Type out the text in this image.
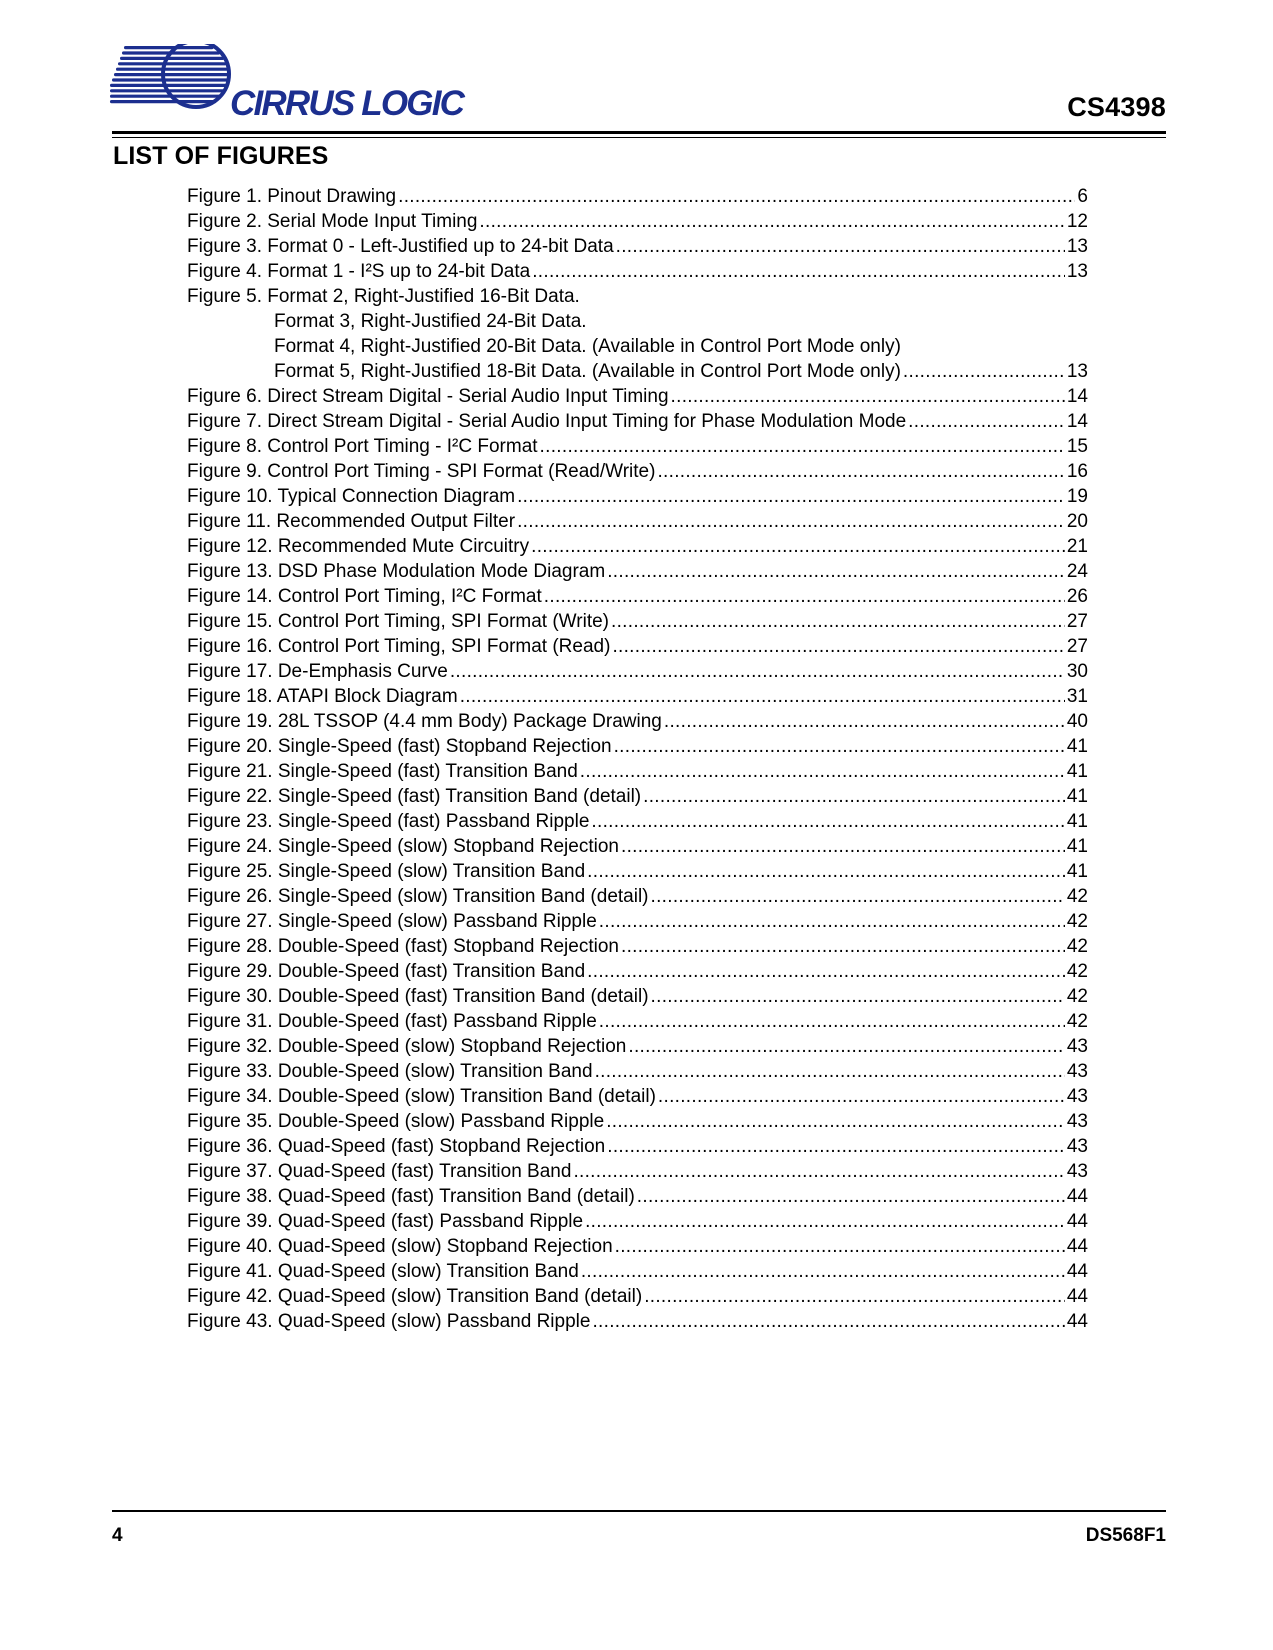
CIRRUS LOGIC	CS4398
LIST OF FIGURES
Figure 1. Pinout Drawing .....	6
Figure 2. Serial Mode Input Timing .....	12
Figure 3. Format 0 - Left-Justified up to 24-bit Data .....	13
Figure 4. Format 1 - I²S up to 24-bit Data .....	13
Figure 5. Format 2, Right-Justified 16-Bit Data.
Format 3, Right-Justified 24-Bit Data.
Format 4, Right-Justified 20-Bit Data. (Available in Control Port Mode only)
Format 5, Right-Justified 18-Bit Data. (Available in Control Port Mode only) .....	13
Figure 6. Direct Stream Digital - Serial Audio Input Timing .....	14
Figure 7. Direct Stream Digital - Serial Audio Input Timing for Phase Modulation Mode .....	14
Figure 8. Control Port Timing - I²C Format .....	15
Figure 9. Control Port Timing - SPI Format (Read/Write) .....	16
Figure 10. Typical Connection Diagram .....	19
Figure 11. Recommended Output Filter .....	20
Figure 12. Recommended Mute Circuitry .....	21
Figure 13. DSD Phase Modulation Mode Diagram .....	24
Figure 14. Control Port Timing, I²C Format .....	26
Figure 15. Control Port Timing, SPI Format (Write) .....	27
Figure 16. Control Port Timing, SPI Format (Read) .....	27
Figure 17. De-Emphasis Curve .....	30
Figure 18. ATAPI Block Diagram .....	31
Figure 19. 28L TSSOP (4.4 mm Body) Package Drawing .....	40
Figure 20. Single-Speed (fast) Stopband Rejection .....	41
Figure 21. Single-Speed (fast) Transition Band .....	41
Figure 22. Single-Speed (fast) Transition Band (detail) .....	41
Figure 23. Single-Speed (fast) Passband Ripple .....	41
Figure 24. Single-Speed (slow) Stopband Rejection .....	41
Figure 25. Single-Speed (slow) Transition Band .....	41
Figure 26. Single-Speed (slow) Transition Band (detail) .....	42
Figure 27. Single-Speed (slow) Passband Ripple .....	42
Figure 28. Double-Speed (fast) Stopband Rejection .....	42
Figure 29. Double-Speed (fast) Transition Band .....	42
Figure 30. Double-Speed (fast) Transition Band (detail) .....	42
Figure 31. Double-Speed (fast) Passband Ripple .....	42
Figure 32. Double-Speed (slow) Stopband Rejection .....	43
Figure 33. Double-Speed (slow) Transition Band .....	43
Figure 34. Double-Speed (slow) Transition Band (detail) .....	43
Figure 35. Double-Speed (slow) Passband Ripple .....	43
Figure 36. Quad-Speed (fast) Stopband Rejection .....	43
Figure 37. Quad-Speed (fast) Transition Band .....	43
Figure 38. Quad-Speed (fast) Transition Band (detail) .....	44
Figure 39. Quad-Speed (fast) Passband Ripple .....	44
Figure 40. Quad-Speed (slow) Stopband Rejection .....	44
Figure 41. Quad-Speed (slow) Transition Band .....	44
Figure 42. Quad-Speed (slow) Transition Band (detail) .....	44
Figure 43. Quad-Speed (slow) Passband Ripple .....	44
4	DS568F1
